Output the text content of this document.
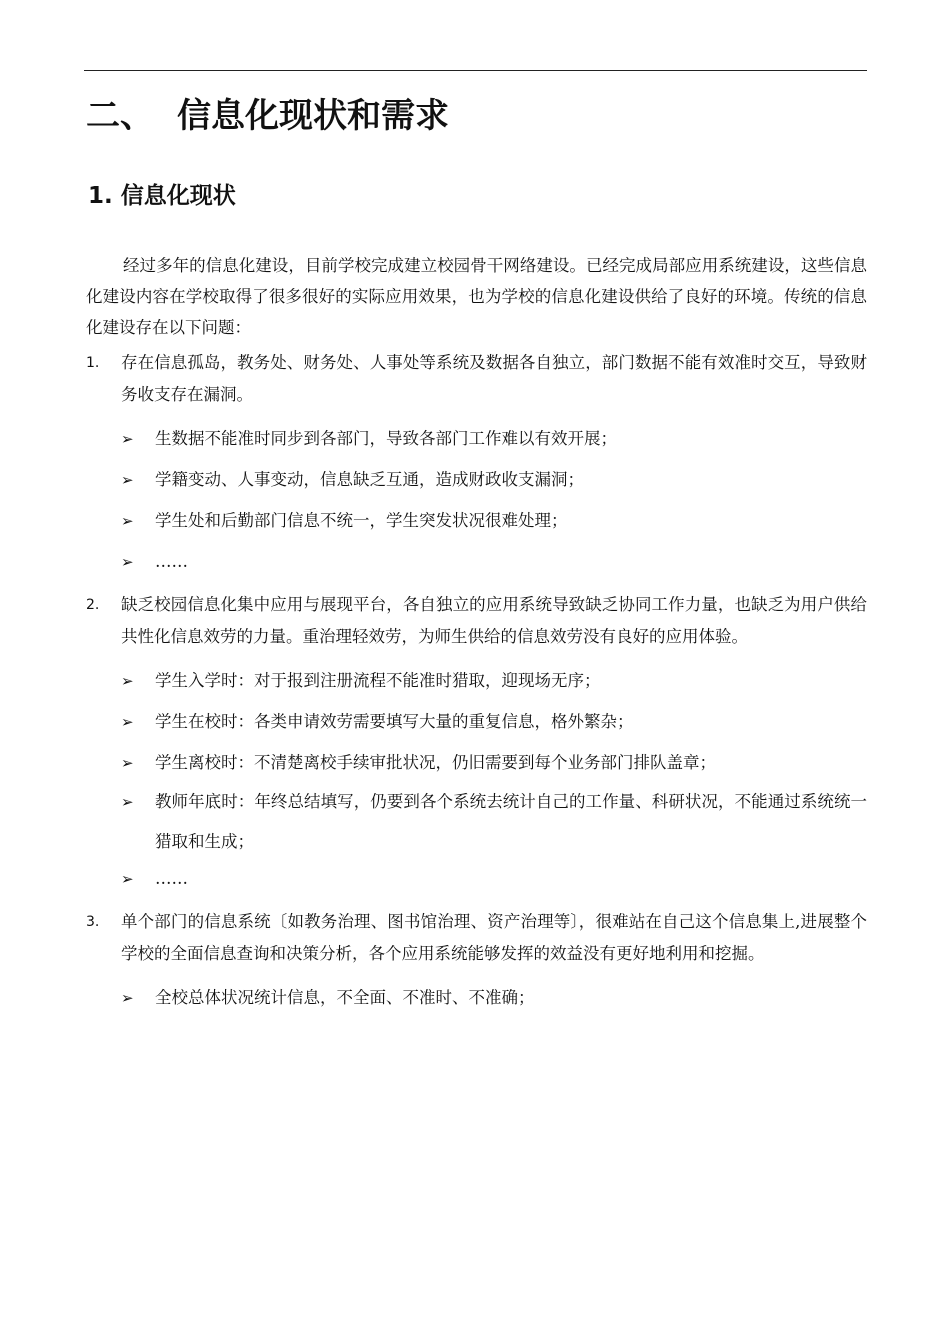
二、 信息化现状和需求
1. 信息化现状

经过多年的信息化建设，目前学校完成建立校园骨干网络建设。已经完成局部应用系统建设，这些信息化建设内容在学校取得了很多很好的实际应用效果，也为学校的信息化建设供给了良好的环境。传统的信息化建设存在以下问题：

1. 存在信息孤岛，教务处、财务处、人事处等系统及数据各自独立，部门数据不能有效准时交互，导致财务收支存在漏洞。
➢ 生数据不能准时同步到各部门，导致各部门工作难以有效开展；
➢ 学籍变动、人事变动，信息缺乏互通，造成财政收支漏洞；
➢ 学生处和后勤部门信息不统一，学生突发状况很难处理；
➢ ……
2. 缺乏校园信息化集中应用与展现平台，各自独立的应用系统导致缺乏协同工作力量，也缺乏为用户供给共性化信息效劳的力量。重治理轻效劳，为师生供给的信息效劳没有良好的应用体验。
➢ 学生入学时：对于报到注册流程不能准时猎取，迎现场无序；
➢ 学生在校时：各类申请效劳需要填写大量的重复信息，格外繁杂；
➢ 学生离校时：不清楚离校手续审批状况，仍旧需要到每个业务部门排队盖章；
➢ 教师年底时：年终总结填写，仍要到各个系统去统计自己的工作量、科研状况，不能通过系统统一猎取和生成；
➢ ……
3. 单个部门的信息系统〔如教务治理、图书馆治理、资产治理等〕，很难站在自己这个信息集上,进展整个学校的全面信息查询和决策分析，各个应用系统能够发挥的效益没有更好地利用和挖掘。
➢ 全校总体状况统计信息，不全面、不准时、不准确；
